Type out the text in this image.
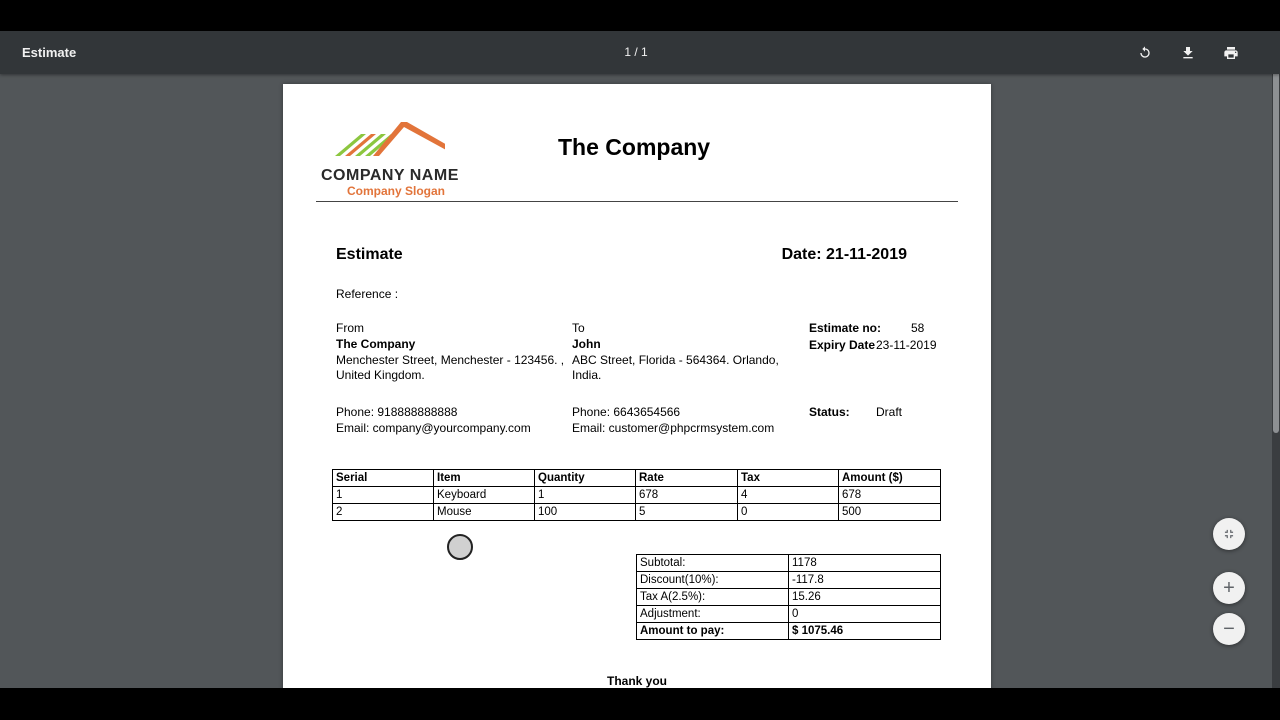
Estimate	1 / 1
COMPANY NAME
Company Slogan
The Company
Estimate	Date: 21-11-2019
Reference :
From
The Company
Menchester Street, Menchester - 123456. ,
United Kingdom.
Phone: 918888888888
Email: company@yourcompany.com
To
John
ABC Street, Florida - 564364. Orlando,
India.
Phone: 6643654566
Email: customer@phpcrmsystem.com
Estimate no: 58
Expiry Date 23-11-2019
Status: Draft
Serial	Item	Quantity	Rate	Tax	Amount ($)
1	Keyboard	1	678	4	678
2	Mouse	100	5	0	500
Subtotal:	1178
Discount(10%):	-117.8
Tax A(2.5%):	15.26
Adjustment:	0
Amount to pay:	$ 1075.46
Thank you
+
−
